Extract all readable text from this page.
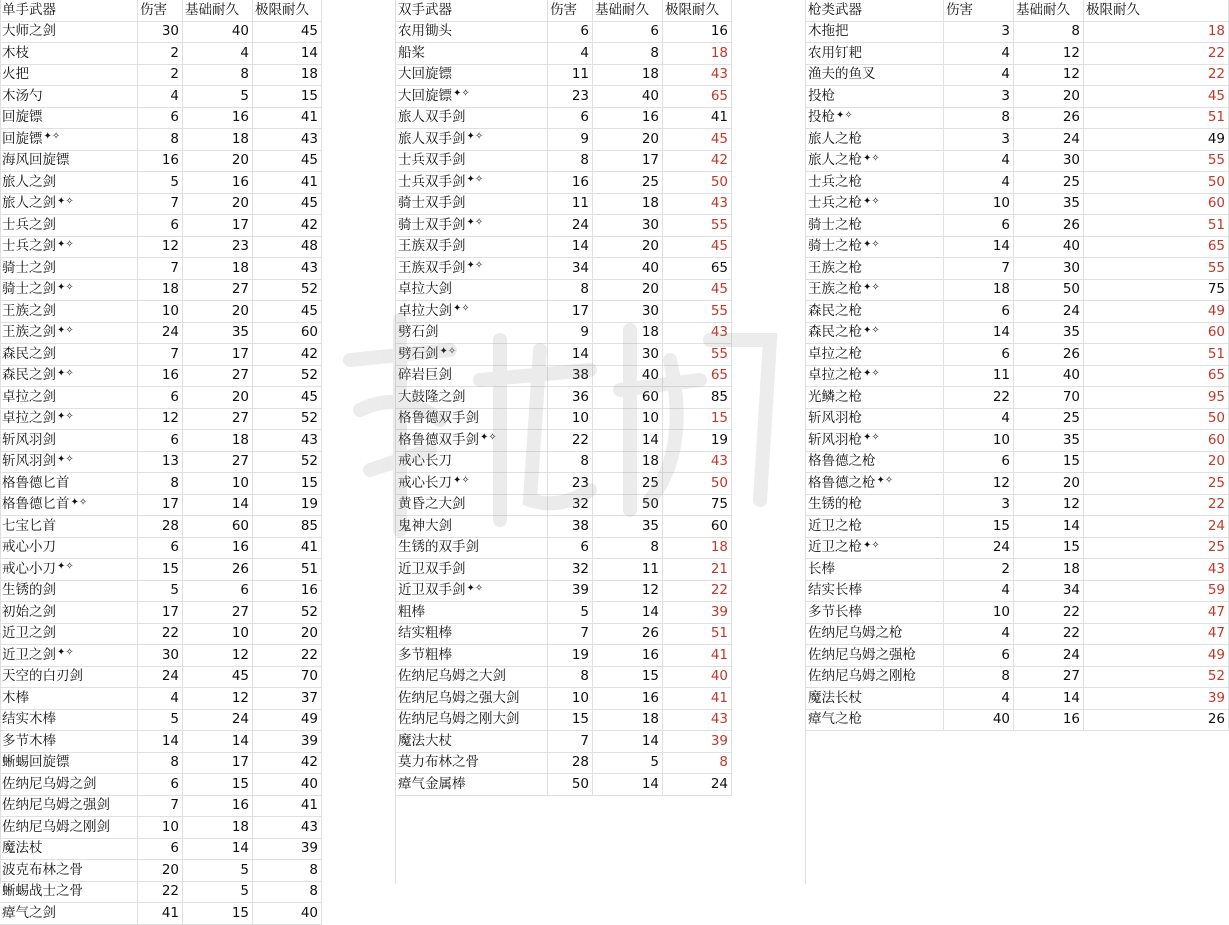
单手武器	伤害	基础耐久	极限耐久
大师之剑	30	40	45
木枝	2	4	14
火把	2	8	18
木汤勺	4	5	15
回旋镖	6	16	41
回旋镖 ✦✧	8	18	43
海风回旋镖	16	20	45
旅人之剑	5	16	41
旅人之剑 ✦✧	7	20	45
士兵之剑	6	17	42
士兵之剑 ✦✧	12	23	48
骑士之剑	7	18	43
骑士之剑 ✦✧	18	27	52
王族之剑	10	20	45
王族之剑 ✦✧	24	35	60
森民之剑	7	17	42
森民之剑 ✦✧	16	27	52
卓拉之剑	6	20	45
卓拉之剑 ✦✧	12	27	52
斩风羽剑	6	18	43
斩风羽剑 ✦✧	13	27	52
格鲁德匕首	8	10	15
格鲁德匕首 ✦✧	17	14	19
七宝匕首	28	60	85
戒心小刀	6	16	41
戒心小刀 ✦✧	15	26	51
生锈的剑	5	6	16
初始之剑	17	27	52
近卫之剑	22	10	20
近卫之剑 ✦✧	30	12	22
天空的白刃剑	24	45	70
木棒	4	12	37
结实木棒	5	24	49
多节木棒	14	14	39
蜥蜴回旋镖	8	17	42
佐纳尼乌姆之剑	6	15	40
佐纳尼乌姆之强剑	7	16	41
佐纳尼乌姆之刚剑	10	18	43
魔法杖	6	14	39
波克布林之骨	20	5	8
蜥蜴战士之骨	22	5	8
瘴气之剑	41	15	40
双手武器	伤害	基础耐久	极限耐久
农用锄头	6	6	16
船桨	4	8	18
大回旋镖	11	18	43
大回旋镖 ✦✧	23	40	65
旅人双手剑	6	16	41
旅人双手剑 ✦✧	9	20	45
士兵双手剑	8	17	42
士兵双手剑 ✦✧	16	25	50
骑士双手剑	11	18	43
骑士双手剑 ✦✧	24	30	55
王族双手剑	14	20	45
王族双手剑 ✦✧	34	40	65
卓拉大剑	8	20	45
卓拉大剑 ✦✧	17	30	55
劈石剑	9	18	43
劈石剑 ✦✧	14	30	55
碎岩巨剑	38	40	65
大鼓隆之剑	36	60	85
格鲁德双手剑	10	10	15
格鲁德双手剑 ✦✧	22	14	19
戒心长刀	8	18	43
戒心长刀 ✦✧	23	25	50
黄昏之大剑	32	50	75
鬼神大剑	38	35	60
生锈的双手剑	6	8	18
近卫双手剑	32	11	21
近卫双手剑 ✦✧	39	12	22
粗棒	5	14	39
结实粗棒	7	26	51
多节粗棒	19	16	41
佐纳尼乌姆之大剑	8	15	40
佐纳尼乌姆之强大剑	10	16	41
佐纳尼乌姆之刚大剑	15	18	43
魔法大杖	7	14	39
莫力布林之骨	28	5	8
瘴气金属棒	50	14	24
枪类武器	伤害	基础耐久	极限耐久
木拖把	3	8	18
农用钉耙	4	12	22
渔夫的鱼叉	4	12	22
投枪	3	20	45
投枪 ✦✧	8	26	51
旅人之枪	3	24	49
旅人之枪 ✦✧	4	30	55
士兵之枪	4	25	50
士兵之枪 ✦✧	10	35	60
骑士之枪	6	26	51
骑士之枪 ✦✧	14	40	65
王族之枪	7	30	55
王族之枪 ✦✧	18	50	75
森民之枪	6	24	49
森民之枪 ✦✧	14	35	60
卓拉之枪	6	26	51
卓拉之枪 ✦✧	11	40	65
光鳞之枪	22	70	95
斩风羽枪	4	25	50
斩风羽枪 ✦✧	10	35	60
格鲁德之枪	6	15	20
格鲁德之枪 ✦✧	12	20	25
生锈的枪	3	12	22
近卫之枪	15	14	24
近卫之枪 ✦✧	24	15	25
长棒	2	18	43
结实长棒	4	34	59
多节长棒	10	22	47
佐纳尼乌姆之枪	4	22	47
佐纳尼乌姆之强枪	6	24	49
佐纳尼乌姆之刚枪	8	27	52
魔法长杖	4	14	39
瘴气之枪	40	16	26
